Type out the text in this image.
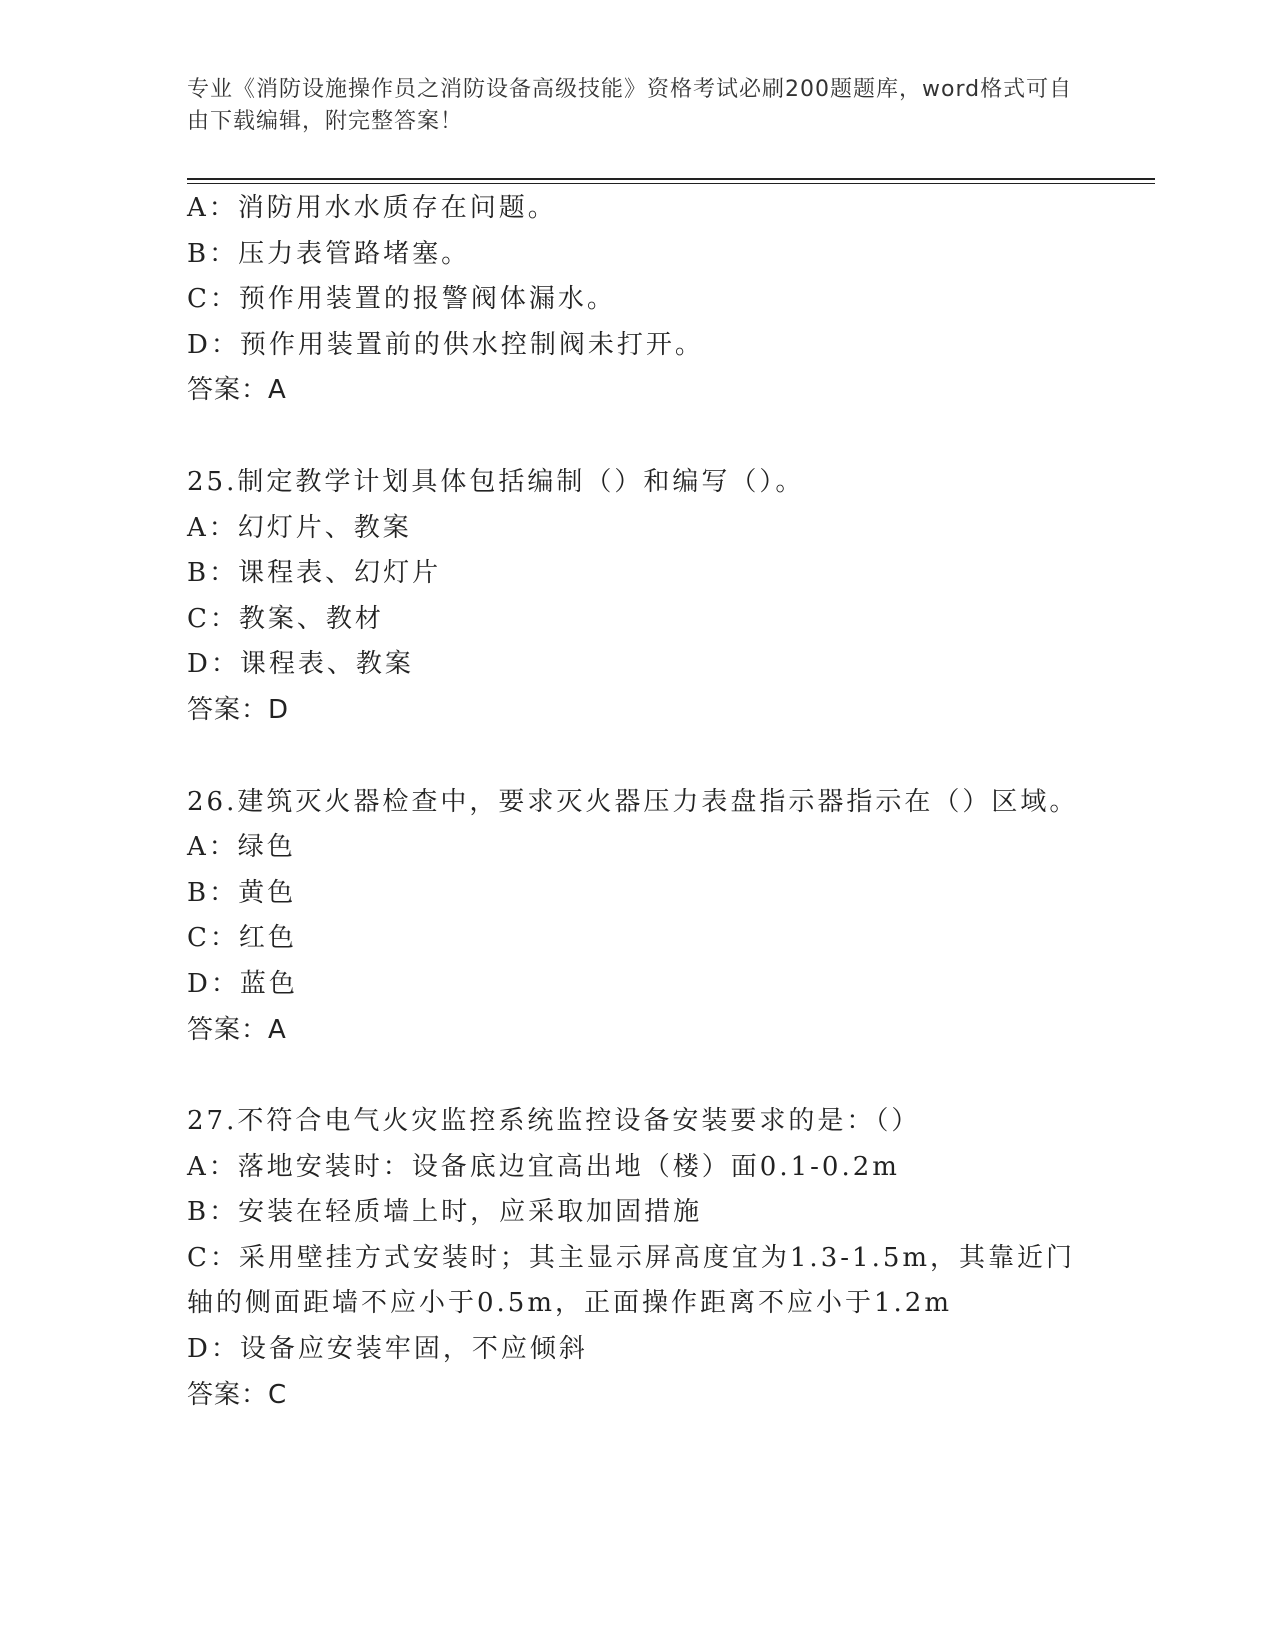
专业《消防设施操作员之消防设备高级技能》资格考试必刷200题题库，word格式可自由下载编辑，附完整答案！
A：消防用水水质存在问题。
B：压力表管路堵塞。
C：预作用装置的报警阀体漏水。
D：预作用装置前的供水控制阀未打开。
答案：A
25.制定教学计划具体包括编制（）和编写（）。
A：幻灯片、教案
B：课程表、幻灯片
C：教案、教材
D：课程表、教案
答案：D
26.建筑灭火器检查中，要求灭火器压力表盘指示器指示在（）区域。
A：绿色
B：黄色
C：红色
D：蓝色
答案：A
27.不符合电气火灾监控系统监控设备安装要求的是：（）
A：落地安装时：设备底边宜高出地（楼）面0.1-0.2m
B：安装在轻质墙上时，应采取加固措施
C：采用壁挂方式安装时；其主显示屏高度宜为1.3-1.5m，其靠近门轴的侧面距墙不应小于0.5m，正面操作距离不应小于1.2m
D：设备应安装牢固，不应倾斜
答案：C
